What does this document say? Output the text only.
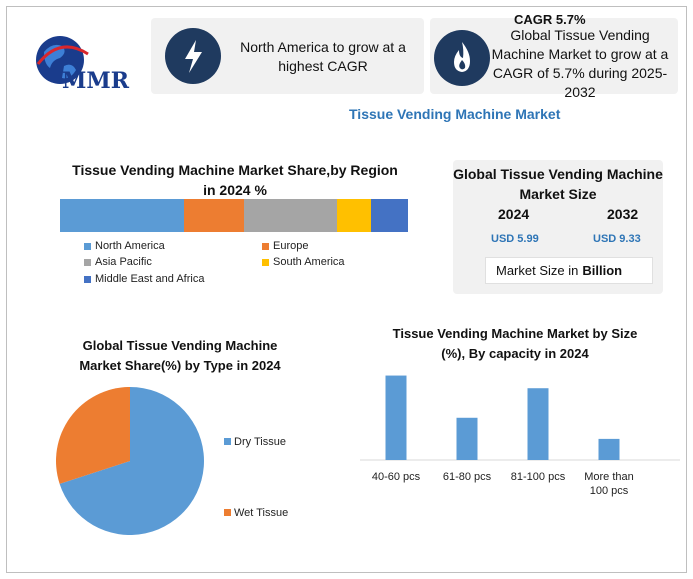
MMR
North America to grow at a highest CAGR
Global Tissue Vending Machine Market to grow at a CAGR of 5.7% during 2025-2032
CAGR 5.7%
Tissue Vending Machine Market
Tissue Vending Machine Market Share,by Region in 2024 %
North America	Europe
Asia Pacific	South America
Middle East and Africa
Global Tissue Vending Machine Market Size
2024	2032
USD 5.99	USD 9.33
Market Size in Billion
Global Tissue Vending Machine Market Share(%) by Type in 2024
Dry Tissue
Wet Tissue
Tissue Vending Machine Market by Size (%), By capacity in 2024
40-60 pcs 61-80 pcs 81-100 pcs More than 100 pcs
